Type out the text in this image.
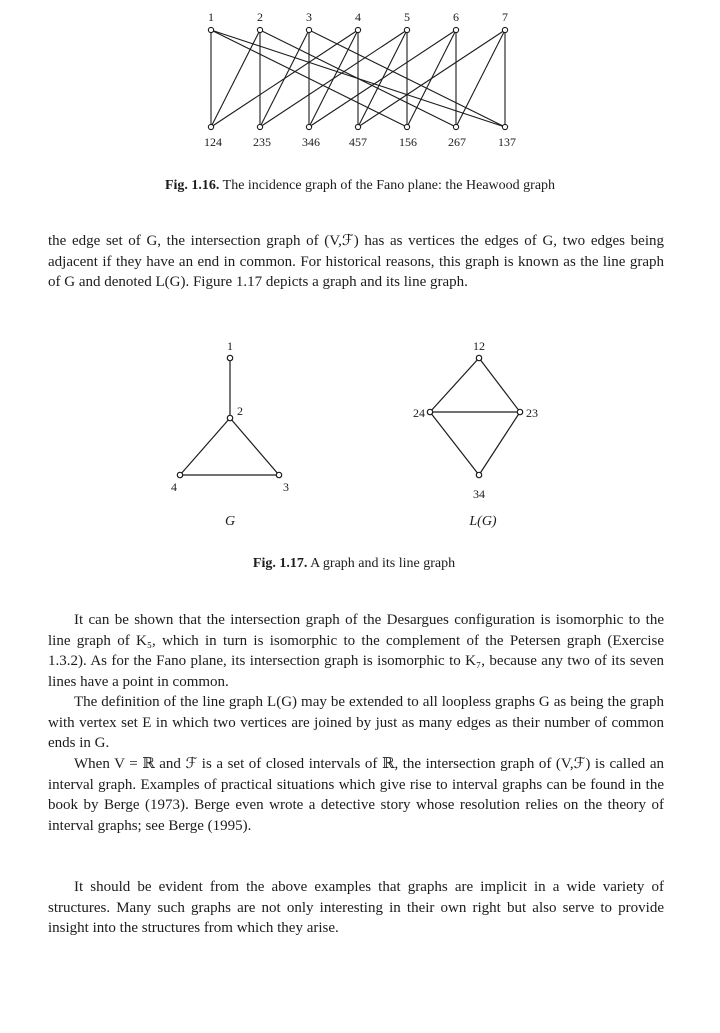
1	2	3	4	5	6	7
124	235	346 457	156	267	137
Fig. 1.16. The incidence graph of the Fano plane: the Heawood graph

the edge set of G, the intersection graph of (V,ℱ) has as vertices the edges of G, two edges being adjacent if they have an end in common. For historical reasons, this graph is known as the line graph of G and denoted L(G). Figure 1.17 depicts a graph and its line graph.

1
2
3
4
G
12
24	23
34
L(G)
Fig. 1.17. A graph and its line graph

It can be shown that the intersection graph of the Desargues configuration is isomorphic to the line graph of K₅, which in turn is isomorphic to the complement of the Petersen graph (Exercise 1.3.2). As for the Fano plane, its intersection graph is isomorphic to K₇, because any two of its seven lines have a point in common.

The definition of the line graph L(G) may be extended to all loopless graphs G as being the graph with vertex set E in which two vertices are joined by just as many edges as their number of common ends in G.

When V = ℝ and ℱ is a set of closed intervals of ℝ, the intersection graph of (V,ℱ) is called an interval graph. Examples of practical situations which give rise to interval graphs can be found in the book by Berge (1973). Berge even wrote a detective story whose resolution relies on the theory of interval graphs; see Berge (1995).

It should be evident from the above examples that graphs are implicit in a wide variety of structures. Many such graphs are not only interesting in their own right but also serve to provide insight into the structures from which they arise.
